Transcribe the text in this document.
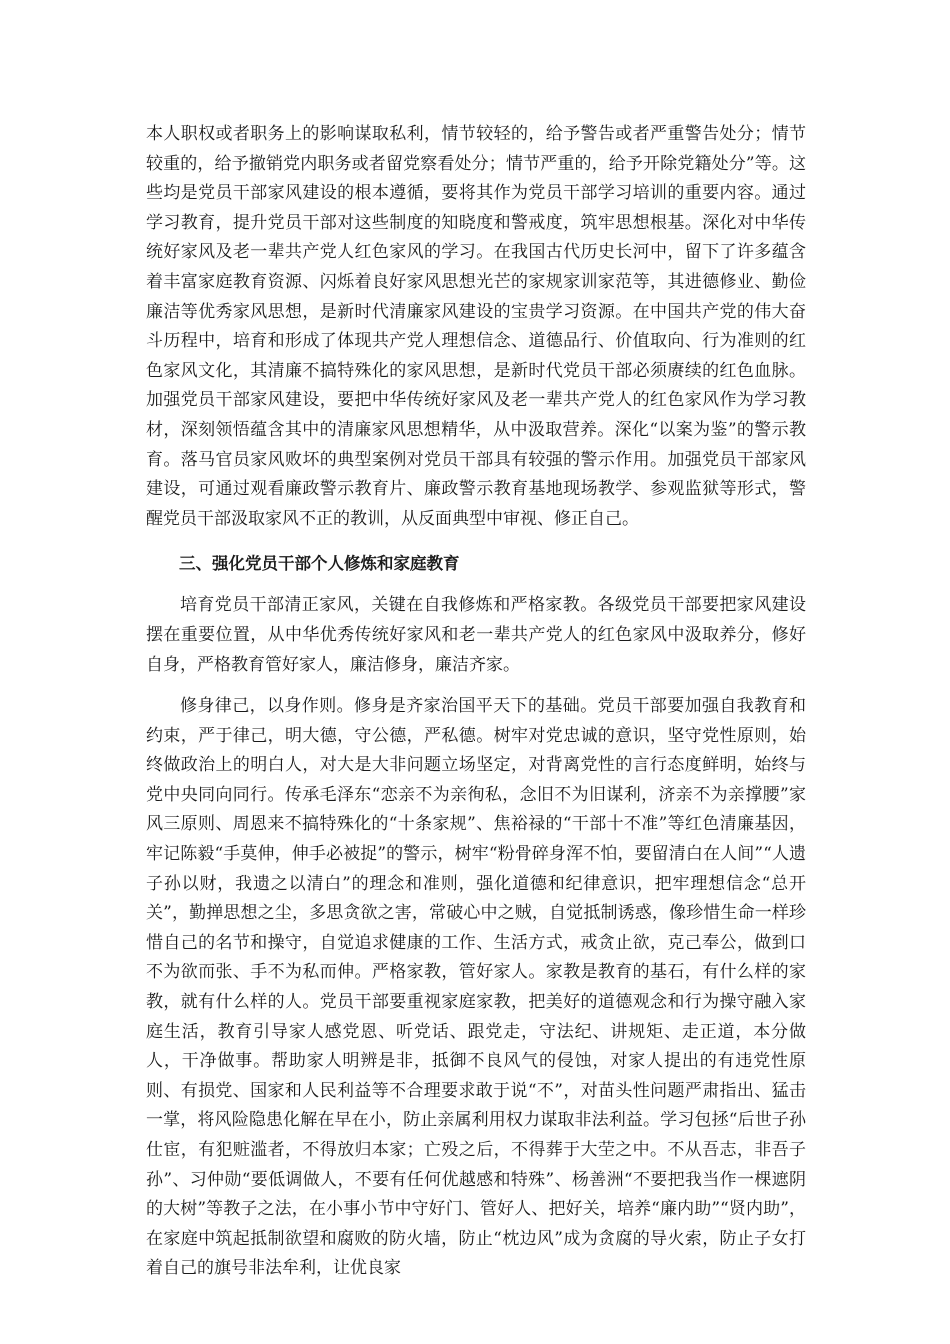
本人职权或者职务上的影响谋取私利，情节较轻的，给予警告或者严重警告处分；情节较重的，给予撤销党内职务或者留党察看处分；情节严重的，给予开除党籍处分”等。这些均是党员干部家风建设的根本遵循，要将其作为党员干部学习培训的重要内容。通过学习教育，提升党员干部对这些制度的知晓度和警戒度，筑牢思想根基。深化对中华传统好家风及老一辈共产党人红色家风的学习。在我国古代历史长河中，留下了许多蕴含着丰富家庭教育资源、闪烁着良好家风思想光芒的家规家训家范等，其进德修业、勤俭廉洁等优秀家风思想，是新时代清廉家风建设的宝贵学习资源。在中国共产党的伟大奋斗历程中，培育和形成了体现共产党人理想信念、道德品行、价值取向、行为准则的红色家风文化，其清廉不搞特殊化的家风思想，是新时代党员干部必须赓续的红色血脉。加强党员干部家风建设，要把中华传统好家风及老一辈共产党人的红色家风作为学习教材，深刻领悟蕴含其中的清廉家风思想精华，从中汲取营养。深化“以案为鉴”的警示教育。落马官员家风败坏的典型案例对党员干部具有较强的警示作用。加强党员干部家风建设，可通过观看廉政警示教育片、廉政警示教育基地现场教学、参观监狱等形式，警醒党员干部汲取家风不正的教训，从反面典型中审视、修正自己。

三、强化党员干部个人修炼和家庭教育

培育党员干部清正家风，关键在自我修炼和严格家教。各级党员干部要把家风建设摆在重要位置，从中华优秀传统好家风和老一辈共产党人的红色家风中汲取养分，修好自身，严格教育管好家人，廉洁修身，廉洁齐家。

修身律己，以身作则。修身是齐家治国平天下的基础。党员干部要加强自我教育和约束，严于律己，明大德，守公德，严私德。树牢对党忠诚的意识，坚守党性原则，始终做政治上的明白人，对大是大非问题立场坚定，对背离党性的言行态度鲜明，始终与党中央同向同行。传承毛泽东“恋亲不为亲徇私，念旧不为旧谋利，济亲不为亲撑腰”家风三原则、周恩来不搞特殊化的“十条家规”、焦裕禄的“干部十不准”等红色清廉基因，牢记陈毅“手莫伸，伸手必被捉”的警示，树牢“粉骨碎身浑不怕，要留清白在人间”“人遗子孙以财，我遗之以清白”的理念和准则，强化道德和纪律意识，把牢理想信念“总开关”，勤掸思想之尘，多思贪欲之害，常破心中之贼，自觉抵制诱惑，像珍惜生命一样珍惜自己的名节和操守，自觉追求健康的工作、生活方式，戒贪止欲，克己奉公，做到口不为欲而张、手不为私而伸。严格家教，管好家人。家教是教育的基石，有什么样的家教，就有什么样的人。党员干部要重视家庭家教，把美好的道德观念和行为操守融入家庭生活，教育引导家人感党恩、听党话、跟党走，守法纪、讲规矩、走正道，本分做人，干净做事。帮助家人明辨是非，抵御不良风气的侵蚀，对家人提出的有违党性原则、有损党、国家和人民利益等不合理要求敢于说“不”，对苗头性问题严肃指出、猛击一掌，将风险隐患化解在早在小，防止亲属利用权力谋取非法利益。学习包拯“后世子孙仕宦，有犯赃滥者，不得放归本家；亡殁之后，不得葬于大茔之中。不从吾志，非吾子孙”、习仲勋“要低调做人，不要有任何优越感和特殊”、杨善洲“不要把我当作一棵遮阴的大树”等教子之法，在小事小节中守好门、管好人、把好关，培养“廉内助”“贤内助”，在家庭中筑起抵制欲望和腐败的防火墙，防止“枕边风”成为贪腐的导火索，防止子女打着自己的旗号非法牟利，让优良家
